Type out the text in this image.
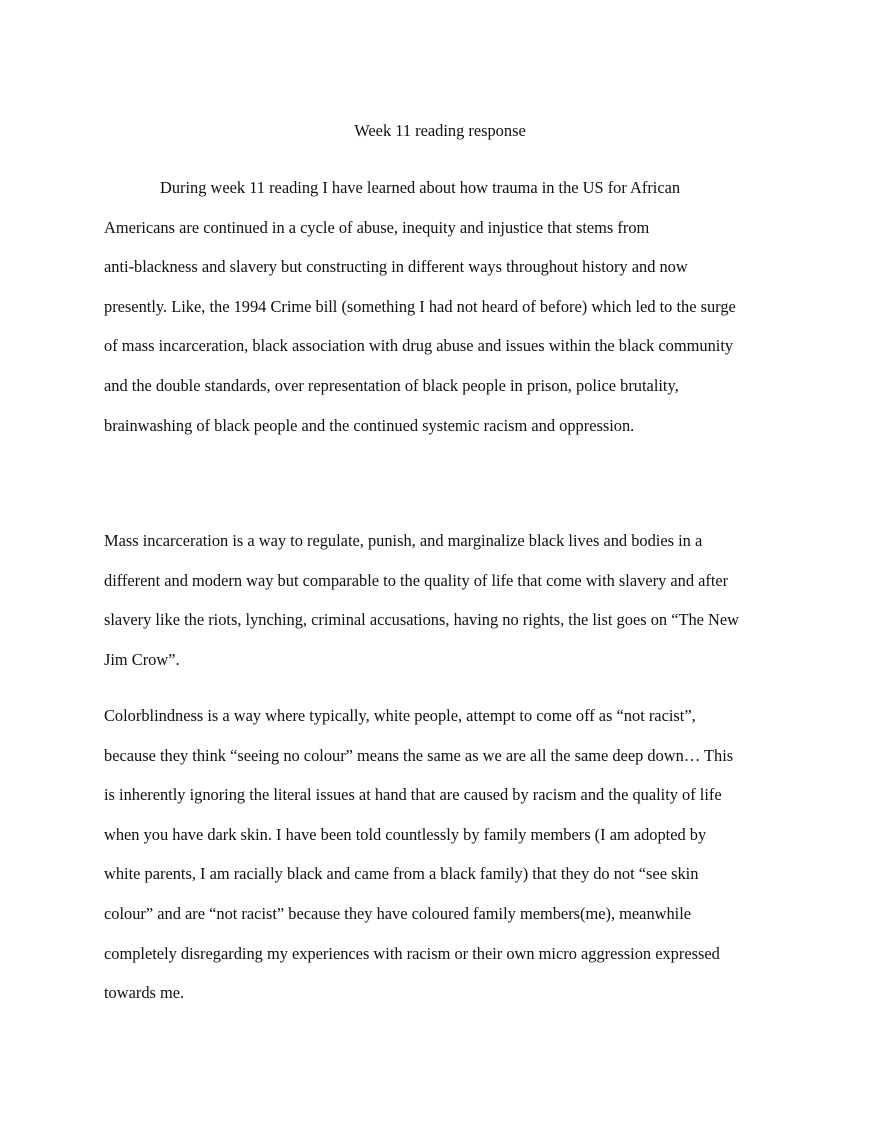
Week 11 reading response
During week 11 reading I have learned about how trauma in the US for African
Americans are continued in a cycle of abuse, inequity and injustice that stems from
anti-blackness and slavery but constructing in different ways throughout history and now
presently. Like, the 1994 Crime bill (something I had not heard of before) which led to the surge
of mass incarceration, black association with drug abuse and issues within the black community
and the double standards, over representation of black people in prison, police brutality,
brainwashing of black people and the continued systemic racism and oppression.
Mass incarceration is a way to regulate, punish, and marginalize black lives and bodies in a
different and modern way but comparable to the quality of life that come with slavery and after
slavery like the riots, lynching, criminal accusations, having no rights, the list goes on “The New
Jim Crow”.
Colorblindness is a way where typically, white people, attempt to come off as “not racist”,
because they think “seeing no colour” means the same as we are all the same deep down… This
is inherently ignoring the literal issues at hand that are caused by racism and the quality of life
when you have dark skin. I have been told countlessly by family members (I am adopted by
white parents, I am racially black and came from a black family) that they do not “see skin
colour” and are “not racist” because they have coloured family members(me), meanwhile
completely disregarding my experiences with racism or their own micro aggression expressed
towards me.
